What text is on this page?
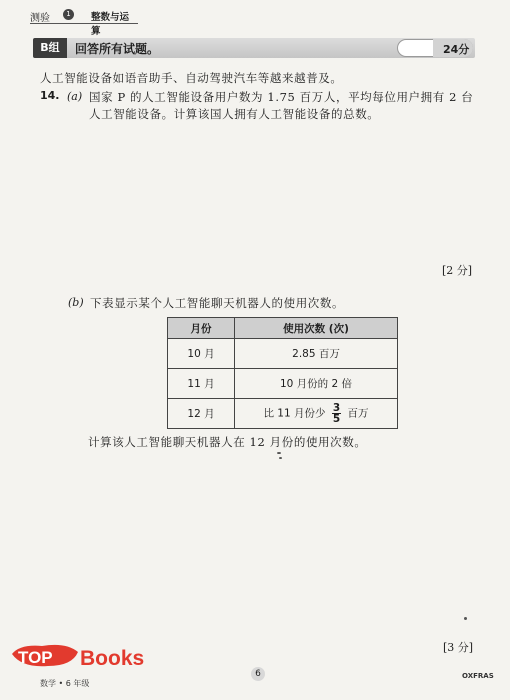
测验	1	整数与运算
B组	回答所有试题。	24分
人工智能设备如语音助手、自动驾驶汽车等越来越普及。
14. (a) 国家 P 的人工智能设备用户数为 1.75 百万人，平均每位用户拥有 2 台
人工智能设备。计算该国人拥有人工智能设备的总数。
[2 分]
(b) 下表显示某个人工智能聊天机器人的使用次数。
月份	使用次数 (次)
10 月	2.85 百万
11 月	10 月份的 2 倍
12 月	比 11 月份少 $\frac{3}{5}$ 百万
计算该人工智能聊天机器人在 12 月份的使用次数。
[3 分]
TOP Books
数学 • 6 年级
6	OXFRAS
